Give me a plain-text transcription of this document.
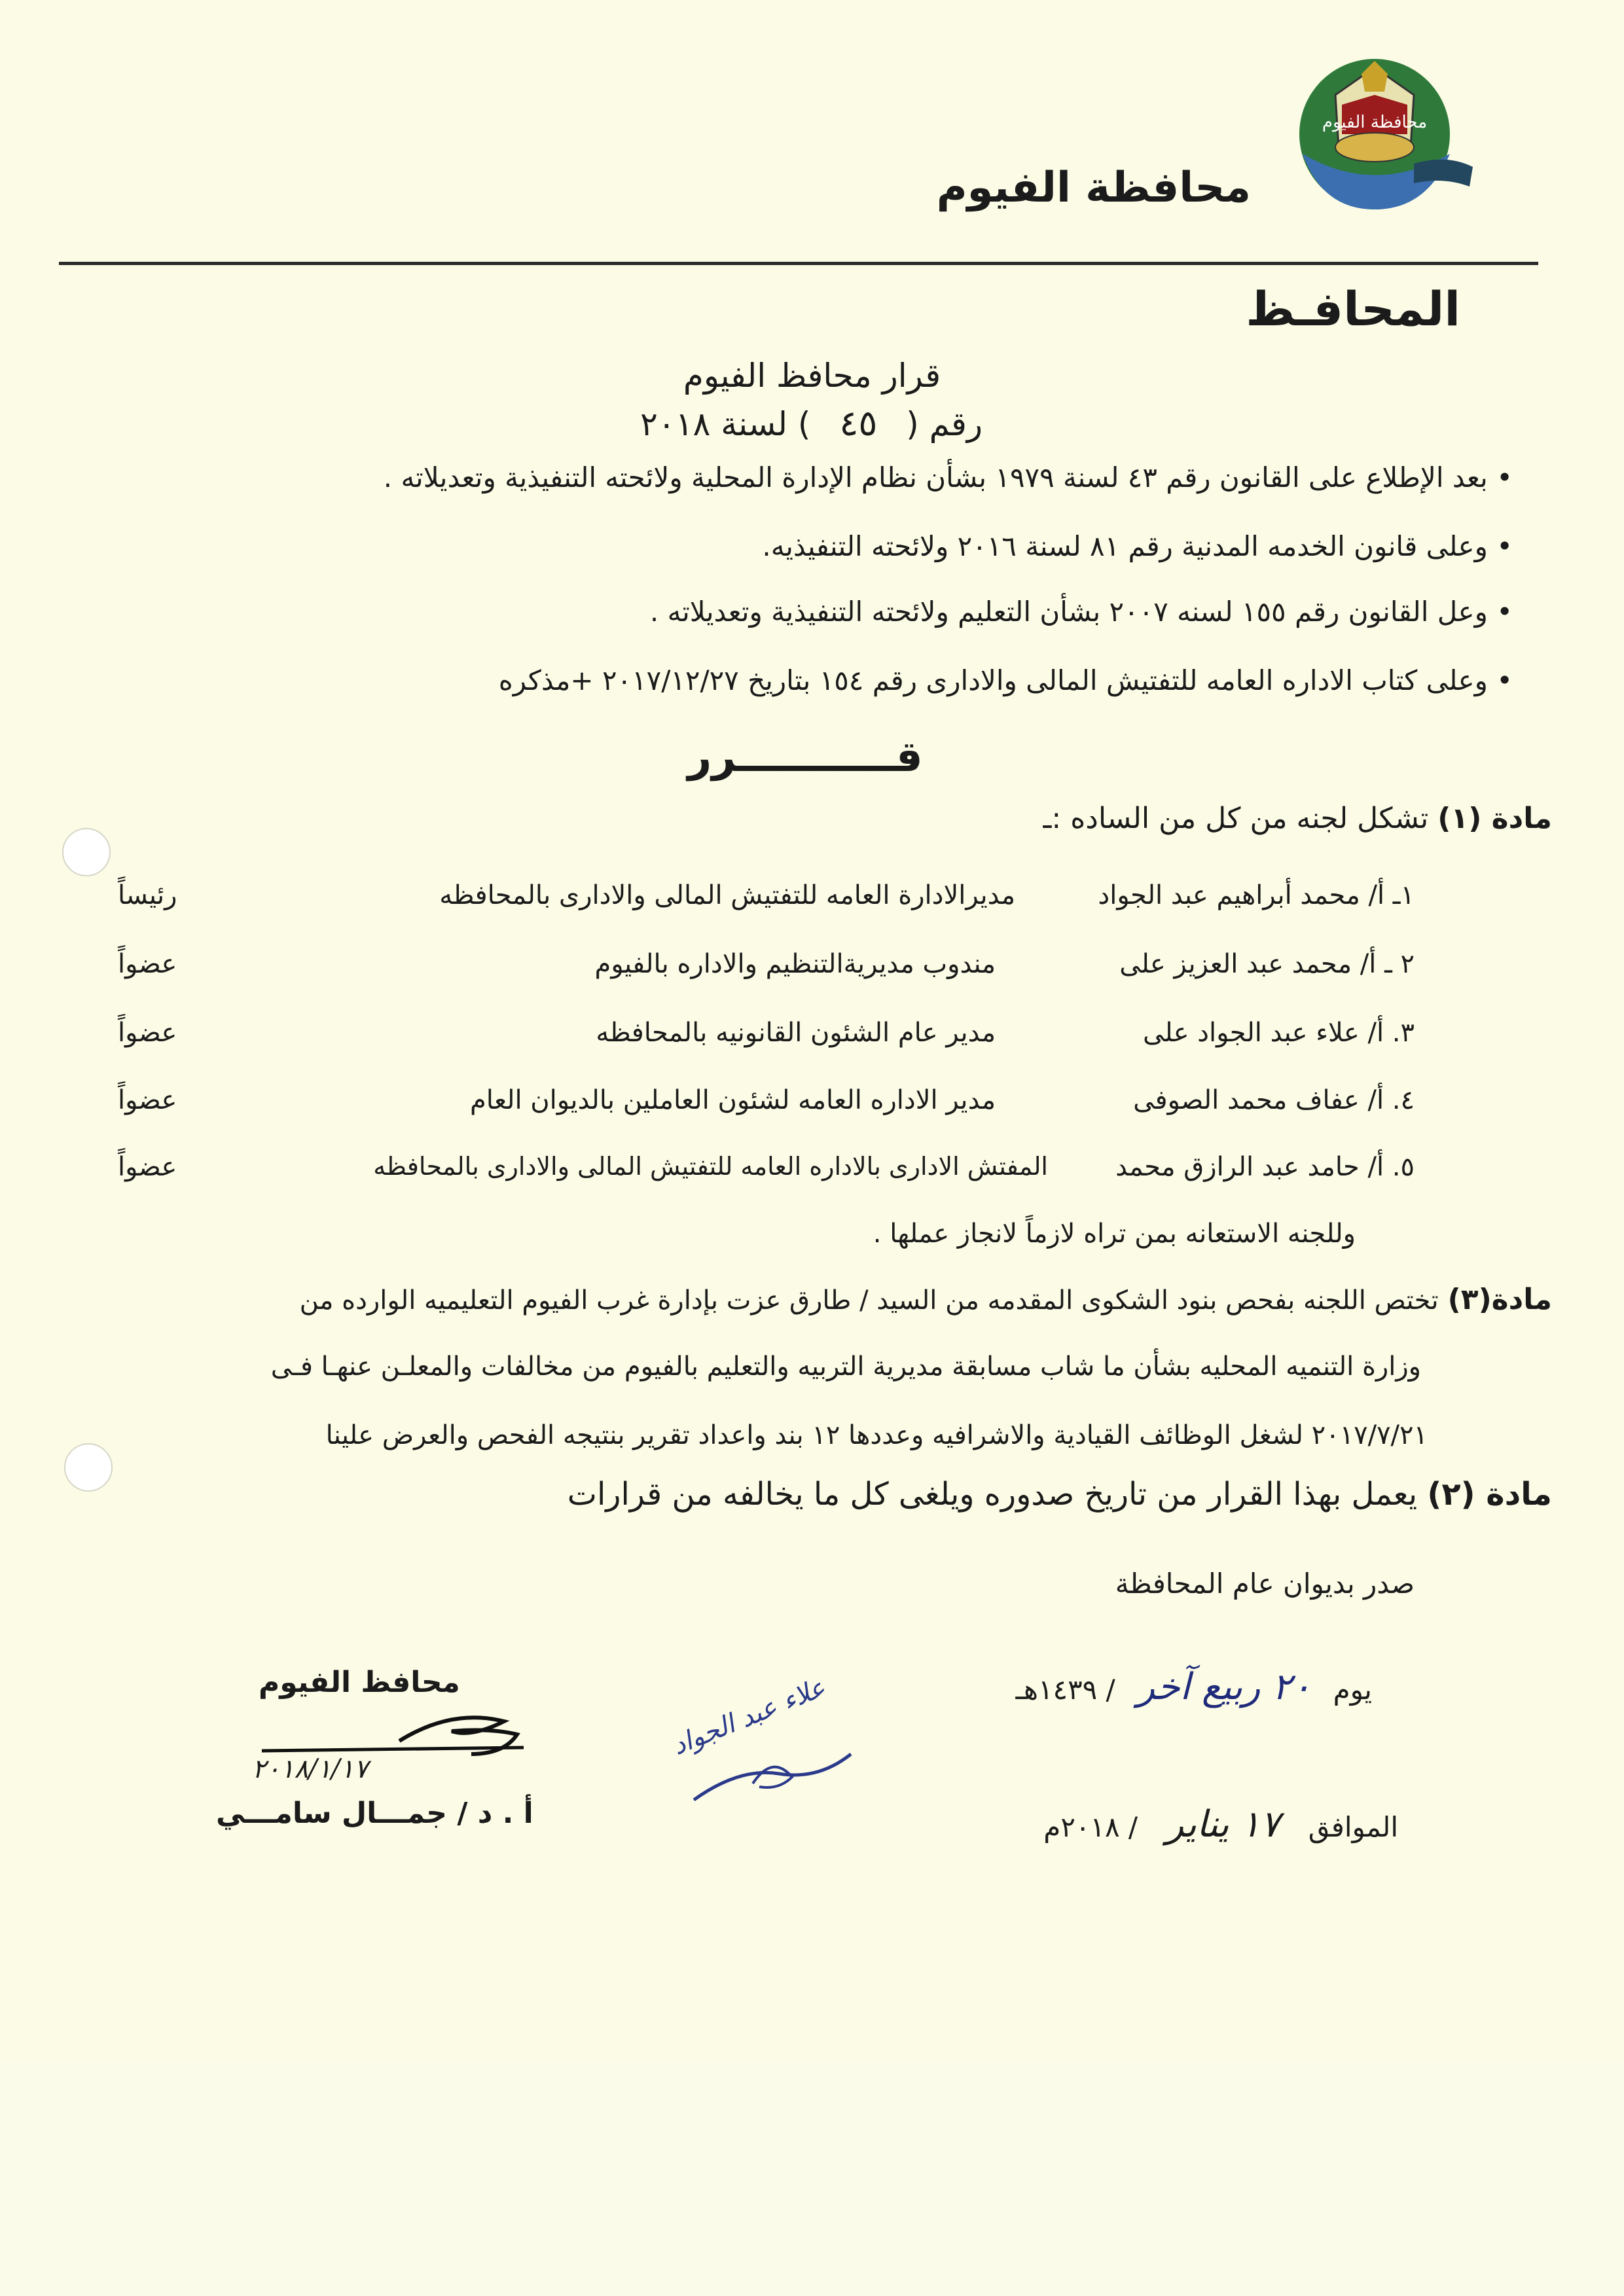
محافظة الفيوم
محافظة الفيوم
المحافـظ
قرار محافظ الفيوم
رقم ( ٤٥ ) لسنة ٢٠١٨
• بعد الإطلاع على القانون رقم ٤٣ لسنة ١٩٧٩ بشأن نظام الإدارة المحلية ولائحته التنفيذية وتعديلاته .
• وعلى قانون الخدمه المدنية رقم ٨١ لسنة ٢٠١٦ ولائحته التنفيذيه.
• وعل القانون رقم ١٥٥ لسنه ٢٠٠٧ بشأن التعليم ولائحته التنفيذية وتعديلاته .
• وعلى كتاب الاداره العامه للتفتيش المالى والادارى رقم ١٥٤ بتاريخ ٢٠١٧/١٢/٢٧ +مذكره
قـــــــــــرر
مادة (١) تشكل لجنه من كل من الساده :ـ
١ـ أ/ محمد أبراهيم عبد الجواد
مديرالادارة العامه للتفتيش المالى والادارى بالمحافظه
رئيساً
٢ ـ أ/ محمد عبد العزيز على
مندوب مديريةالتنظيم والاداره بالفيوم
عضواً
٣. أ/ علاء عبد الجواد على
مدير عام الشئون القانونيه بالمحافظه
عضواً
٤. أ/ عفاف محمد الصوفى
مدير الاداره العامه لشئون العاملين بالديوان العام
عضواً
٥. أ/ حامد عبد الرازق محمد
المفتش الادارى بالاداره العامه للتفتيش المالى والادارى بالمحافظه
عضواً
وللجنه الاستعانه بمن تراه لازماً لانجاز عملها .
مادة(٣) تختص اللجنه بفحص بنود الشكوى المقدمه من السيد / طارق عزت بإدارة غرب الفيوم التعليميه الوارده من
وزارة التنميه المحليه بشأن ما شاب مسابقة مديرية التربيه والتعليم بالفيوم من مخالفات والمعلـن عنهـا فـى
٢٠١٧/٧/٢١ لشغل الوظائف القيادية والاشرافيه وعددها ١٢ بند واعداد تقرير بنتيجه الفحص والعرض علينا
مادة (٢) يعمل بهذا القرار من تاريخ صدوره ويلغى كل ما يخالفه من قرارات
صدر بديوان عام المحافظة
يوم ٢٠ ربيع آخر / ١٤٣٩هـ
الموافق ١٧ يناير / ٢٠١٨م
علاء عبد الجواد
محافظ الفيوم
٢٠١٨/١/١٧
أ . د / جمـــال سامـــي
